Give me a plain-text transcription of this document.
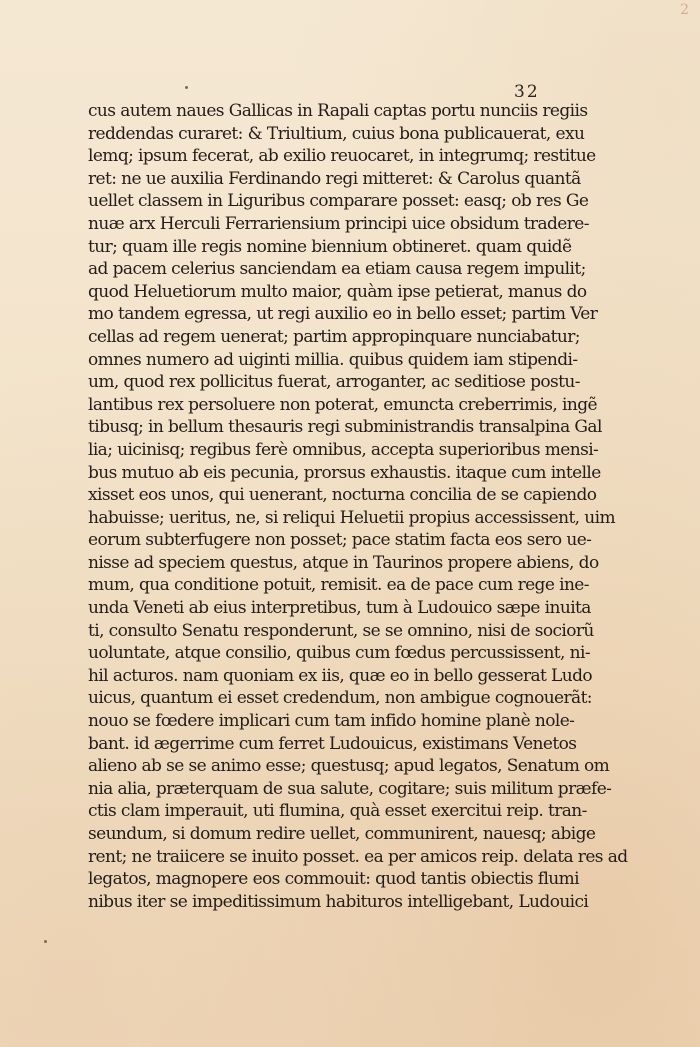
2
32
cus autem naues Gallicas in Rapali captas portu nunciis regiis
reddendas curaret: & Triultium, cuius bona publicauerat, exu
lemq; ipsum fecerat, ab exilio reuocaret, in integrumq; restitue
ret: ne ue auxilia Ferdinando regi mitteret: & Carolus quantã
uellet classem in Liguribus comparare posset: easq; ob res Ge
nuæ arx Herculi Ferrariensium principi uice obsidum tradere-
tur; quam ille regis nomine biennium obtineret. quam quidẽ
ad pacem celerius sanciendam ea etiam causa regem impulit;
quod Heluetiorum multo maior, quàm ipse petierat, manus do
mo tandem egressa, ut regi auxilio eo in bello esset; partim Ver
cellas ad regem uenerat; partim appropinquare nunciabatur;
omnes numero ad uiginti millia. quibus quidem iam stipendi-
um, quod rex pollicitus fuerat, arroganter, ac seditiose postu-
lantibus rex persoluere non poterat, emuncta creberrimis, ingẽ
tibusq; in bellum thesauris regi subministrandis transalpina Gal
lia; uicinisq; regibus ferè omnibus, accepta superioribus mensi-
bus mutuo ab eis pecunia, prorsus exhaustis. itaque cum intelle
xisset eos unos, qui uenerant, nocturna concilia de se capiendo
habuisse; ueritus, ne, si reliqui Heluetii propius accessissent, uim
eorum subterfugere non posset; pace statim facta eos sero ue-
nisse ad speciem questus, atque in Taurinos propere abiens, do
mum, qua conditione potuit, remisit. ea de pace cum rege ine-
unda Veneti ab eius interpretibus, tum à Ludouico sæpe inuita
ti, consulto Senatu responderunt, se se omnino, nisi de sociorũ
uoluntate, atque consilio, quibus cum fœdus percussissent, ni-
hil acturos. nam quoniam ex iis, quæ eo in bello gesserat Ludo
uicus, quantum ei esset credendum, non ambigue cognouerãt:
nouo se fœdere implicari cum tam infido homine planè nole-
bant. id ægerrime cum ferret Ludouicus, existimans Venetos
alieno ab se se animo esse; questusq; apud legatos, Senatum om
nia alia, præterquam de sua salute, cogitare; suis militum præfe-
ctis clam imperauit, uti flumina, quà esset exercitui reip. tran-
seundum, si domum redire uellet, communirent, nauesq; abige
rent; ne traiicere se inuito posset. ea per amicos reip. delata res ad
legatos, magnopere eos commouit: quod tantis obiectis flumi
nibus iter se impeditissimum habituros intelligebant, Ludouici
